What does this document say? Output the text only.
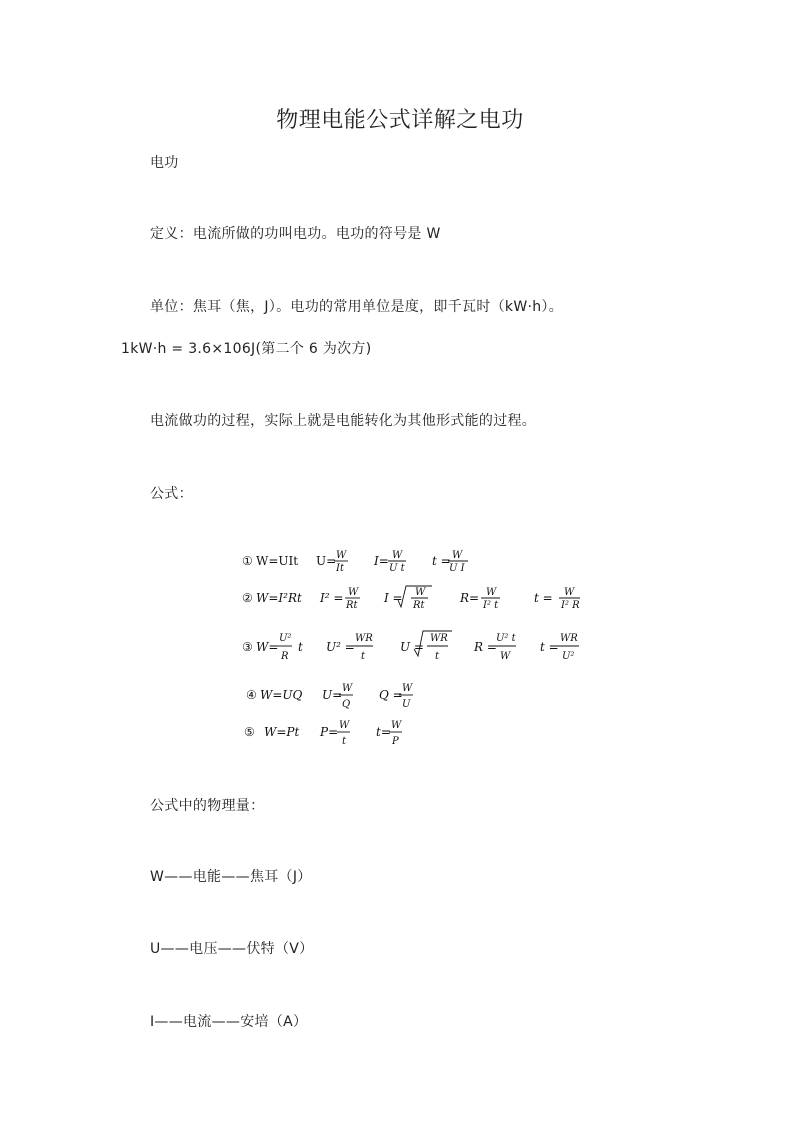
物理电能公式详解之电功
电功
定义：电流所做的功叫电功。电功的符号是 W
单位：焦耳（焦，J）。电功的常用单位是度，即千瓦时（kW·h）。
1kW·h = 3.6×106J(第二个 6 为次方)
电流做功的过程，实际上就是电能转化为其他形式能的过程。
公式：
① W=UIt U= W
It
I= W
U t
t = W
U I
② W=I²Rt I² = W
Rt
I = W
Rt
R= W
I² t
t = W
I² R
③ W=
U²
R
t U² =
WR
t
U =
WR
t
R =
U² t
W
t =
WR
U²
④ W=UQ U= W
Q
Q = W
U
⑤ W=Pt P= W
t
t= W
P
公式中的物理量：
W——电能——焦耳（J）
U——电压——伏特（V）
I——电流——安培（A）
